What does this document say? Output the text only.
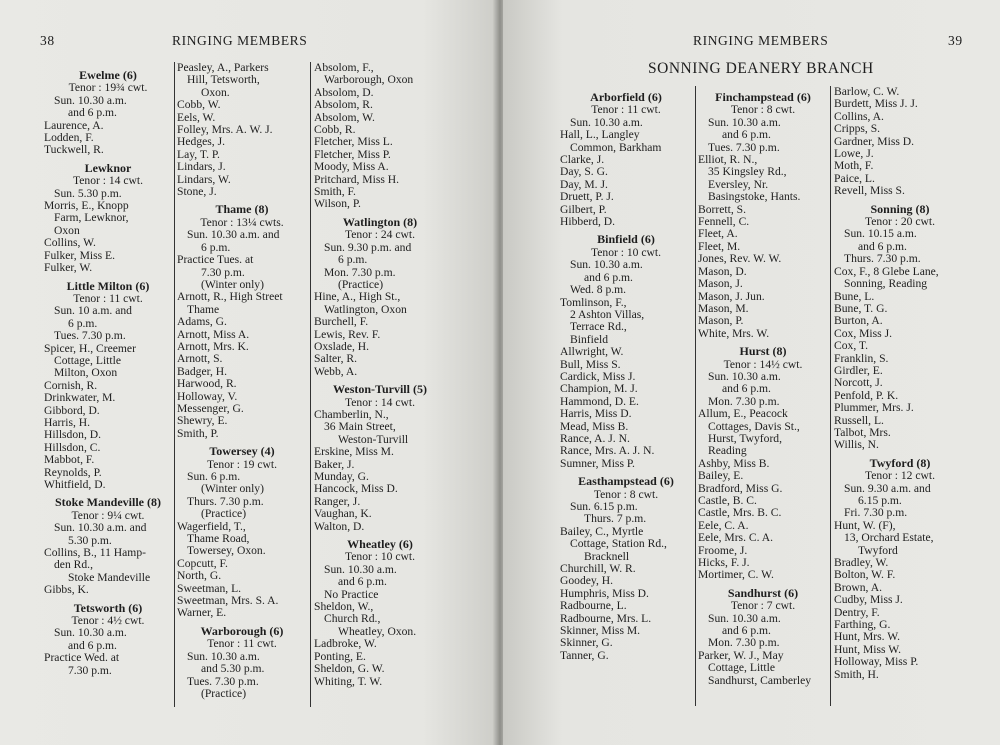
38	RINGING MEMBERS

Ewelme (6)

Tenor : 19¾ cwt.

Sun. 10.30 a.m.

and 6 p.m.

Laurence, A.

Lodden, F.

Tuckwell, R.

Lewknor

Tenor : 14 cwt.

Sun. 5.30 p.m.

Morris, E., Knopp

Farm, Lewknor,

Oxon

Collins, W.

Fulker, Miss E.

Fulker, W.

Little Milton (6)

Tenor : 11 cwt.

Sun. 10 a.m. and

6 p.m.

Tues. 7.30 p.m.

Spicer, H., Creemer

Cottage, Little

Milton, Oxon

Cornish, R.

Drinkwater, M.

Gibbord, D.

Harris, H.

Hillsdon, D.

Hillsdon, C.

Mabbot, F.

Reynolds, P.

Whitfield, D.

Stoke Mandeville (8)

Tenor : 9¼ cwt.

Sun. 10.30 a.m. and

5.30 p.m.

Collins, B., 11 Hamp-

den Rd.,

Stoke Mandeville

Gibbs, K.

Tetsworth (6)

Tenor : 4½ cwt.

Sun. 10.30 a.m.

and 6 p.m.

Practice Wed. at

7.30 p.m.

Peasley, A., Parkers

Hill, Tetsworth,

Oxon.

Cobb, W.

Eels, W.

Folley, Mrs. A. W. J.

Hedges, J.

Lay, T. P.

Lindars, J.

Lindars, W.

Stone, J.

Thame (8)

Tenor : 13¼ cwts.

Sun. 10.30 a.m. and

6 p.m.

Practice Tues. at

7.30 p.m.

(Winter only)

Arnott, R., High Street

Thame

Adams, G.

Arnott, Miss A.

Arnott, Mrs. K.

Arnott, S.

Badger, H.

Harwood, R.

Holloway, V.

Messenger, G.

Shewry, E.

Smith, P.

Towersey (4)

Tenor : 19 cwt.

Sun. 6 p.m.

(Winter only)

Thurs. 7.30 p.m.

(Practice)

Wagerfield, T.,

Thame Road,

Towersey, Oxon.

Copcutt, F.

North, G.

Sweetman, L.

Sweetman, Mrs. S. A.

Warner, E.

Warborough (6)

Tenor : 11 cwt.

Sun. 10.30 a.m.

and 5.30 p.m.

Tues. 7.30 p.m.

(Practice)

Absolom, F.,

Warborough, Oxon

Absolom, D.

Absolom, R.

Absolom, W.

Cobb, R.

Fletcher, Miss L.

Fletcher, Miss P.

Moody, Miss A.

Pritchard, Miss H.

Smith, F.

Wilson, P.

Watlington (8)

Tenor : 24 cwt.

Sun. 9.30 p.m. and

6 p.m.

Mon. 7.30 p.m.

(Practice)

Hine, A., High St.,

Watlington, Oxon

Burchell, F.

Lewis, Rev. F.

Oxslade, H.

Salter, R.

Webb, A.

Weston-Turvill (5)

Tenor : 14 cwt.

Chamberlin, N.,

36 Main Street,

Weston-Turvill

Erskine, Miss M.

Baker, J.

Munday, G.

Hancock, Miss D.

Ranger, J.

Vaughan, K.

Walton, D.

Wheatley (6)

Tenor : 10 cwt.

Sun. 10.30 a.m.

and 6 p.m.

No Practice

Sheldon, W.,

Church Rd.,

Wheatley, Oxon.

Ladbroke, W.

Ponting, E.

Sheldon, G. W.

Whiting, T. W.

RINGING MEMBERS	39
SONNING DEANERY BRANCH

Arborfield (6)

Tenor : 11 cwt.

Sun. 10.30 a.m.

Hall, L., Langley

Common, Barkham

Clarke, J.

Day, S. G.

Day, M. J.

Druett, P. J.

Gilbert, P.

Hibberd, D.

Binfield (6)

Tenor : 10 cwt.

Sun. 10.30 a.m.

and 6 p.m.

Wed. 8 p.m.

Tomlinson, F.,

2 Ashton Villas,

Terrace Rd.,

Binfield

Allwright, W.

Bull, Miss S.

Cardick, Miss J.

Champion, M. J.

Hammond, D. E.

Harris, Miss D.

Mead, Miss B.

Rance, A. J. N.

Rance, Mrs. A. J. N.

Sumner, Miss P.

Easthampstead (6)

Tenor : 8 cwt.

Sun. 6.15 p.m.

Thurs. 7 p.m.

Bailey, C., Myrtle

Cottage, Station Rd.,

Bracknell

Churchill, W. R.

Goodey, H.

Humphris, Miss D.

Radbourne, L.

Radbourne, Mrs. L.

Skinner, Miss M.

Skinner, G.

Tanner, G.

Finchampstead (6)

Tenor : 8 cwt.

Sun. 10.30 a.m.

and 6 p.m.

Tues. 7.30 p.m.

Elliot, R. N.,

35 Kingsley Rd.,

Eversley, Nr.

Basingstoke, Hants.

Borrett, S.

Fennell, C.

Fleet, A.

Fleet, M.

Jones, Rev. W. W.

Mason, D.

Mason, J.

Mason, J. Jun.

Mason, M.

Mason, P.

White, Mrs. W.

Hurst (8)

Tenor : 14½ cwt.

Sun. 10.30 a.m.

and 6 p.m.

Mon. 7.30 p.m.

Allum, E., Peacock

Cottages, Davis St.,

Hurst, Twyford,

Reading

Ashby, Miss B.

Bailey, E.

Bradford, Miss G.

Castle, B. C.

Castle, Mrs. B. C.

Eele, C. A.

Eele, Mrs. C. A.

Froome, J.

Hicks, F. J.

Mortimer, C. W.

Sandhurst (6)

Tenor : 7 cwt.

Sun. 10.30 a.m.

and 6 p.m.

Mon. 7.30 p.m.

Parker, W. J., May

Cottage, Little

Sandhurst, Camberley

Barlow, C. W.

Burdett, Miss J. J.

Collins, A.

Cripps, S.

Gardner, Miss D.

Lowe, J.

Moth, F.

Paice, L.

Revell, Miss S.

Sonning (8)

Tenor : 20 cwt.

Sun. 10.15 a.m.

and 6 p.m.

Thurs. 7.30 p.m.

Cox, F., 8 Glebe Lane,

Sonning, Reading

Bune, L.

Bune, T. G.

Burton, A.

Cox, Miss J.

Cox, T.

Franklin, S.

Girdler, E.

Norcott, J.

Penfold, P. K.

Plummer, Mrs. J.

Russell, L.

Talbot, Mrs.

Willis, N.

Twyford (8)

Tenor : 12 cwt.

Sun. 9.30 a.m. and

6.15 p.m.

Fri. 7.30 p.m.

Hunt, W. (F),

13, Orchard Estate,

Twyford

Bradley, W.

Bolton, W. F.

Brown, A.

Cudby, Miss J.

Dentry, F.

Farthing, G.

Hunt, Mrs. W.

Hunt, Miss W.

Holloway, Miss P.

Smith, H.
